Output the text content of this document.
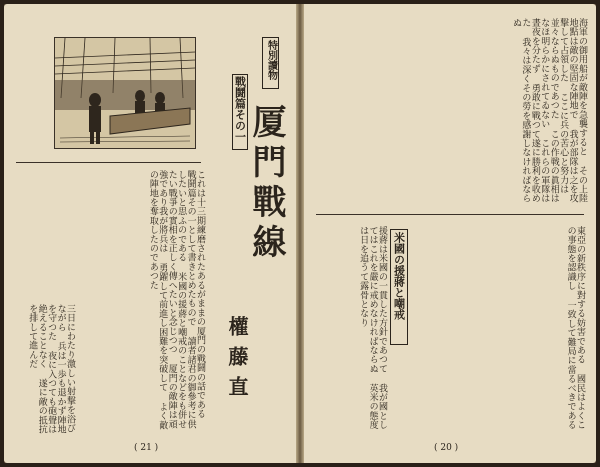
特別讀物
戰鬪篇その一 厦門戰線
權藤直
これは十三期練磨されたあるがままの厦門の戰鬪の話である 戰鬪篇その一として書きとめたもので 讀者諸君の御參考に供したいと思ふのである 米國の援蔣と嘲戒のことなどをも併せ たい戰爭の實相を正しく傳へたいと念じつつ 厦門の敵陣は頑強であり我が將兵は 勇躍して前進し困難を突破して よく敵の陣地を奪取したのであつた
三日にわたり激しい射撃を浴びながら 兵は一歩も退かず陣地を守つた 夜に入つても砲聲は絶えることなく 遂に敵の抵抗を排して進んだ
( 21 )
海軍の御用船が敵陣を急襲すると その上陸地點は敵の堅固な陣地で 我が部隊は之を攻撃して占領した ここに兵の苦心と努力は並々ならぬものであつた この作戦の眞相はなほ明らかにされてゐない これらの軍隊は晝夜を分たず 勇敢に戰つて遂に勝利を收めた 我々は深くその勞を感謝しなければならぬ
米國の援蔣と嘲戒
援蔣は米國の一貫した方針であつて 我が國としてはこれを嚴に戒めなければならぬ 英米の態度は日を追うて露骨となり	東亞の新秩序に對する妨害である 國民はよくこの事態を認識し 一致して難局に當るべきである
( 20 )
